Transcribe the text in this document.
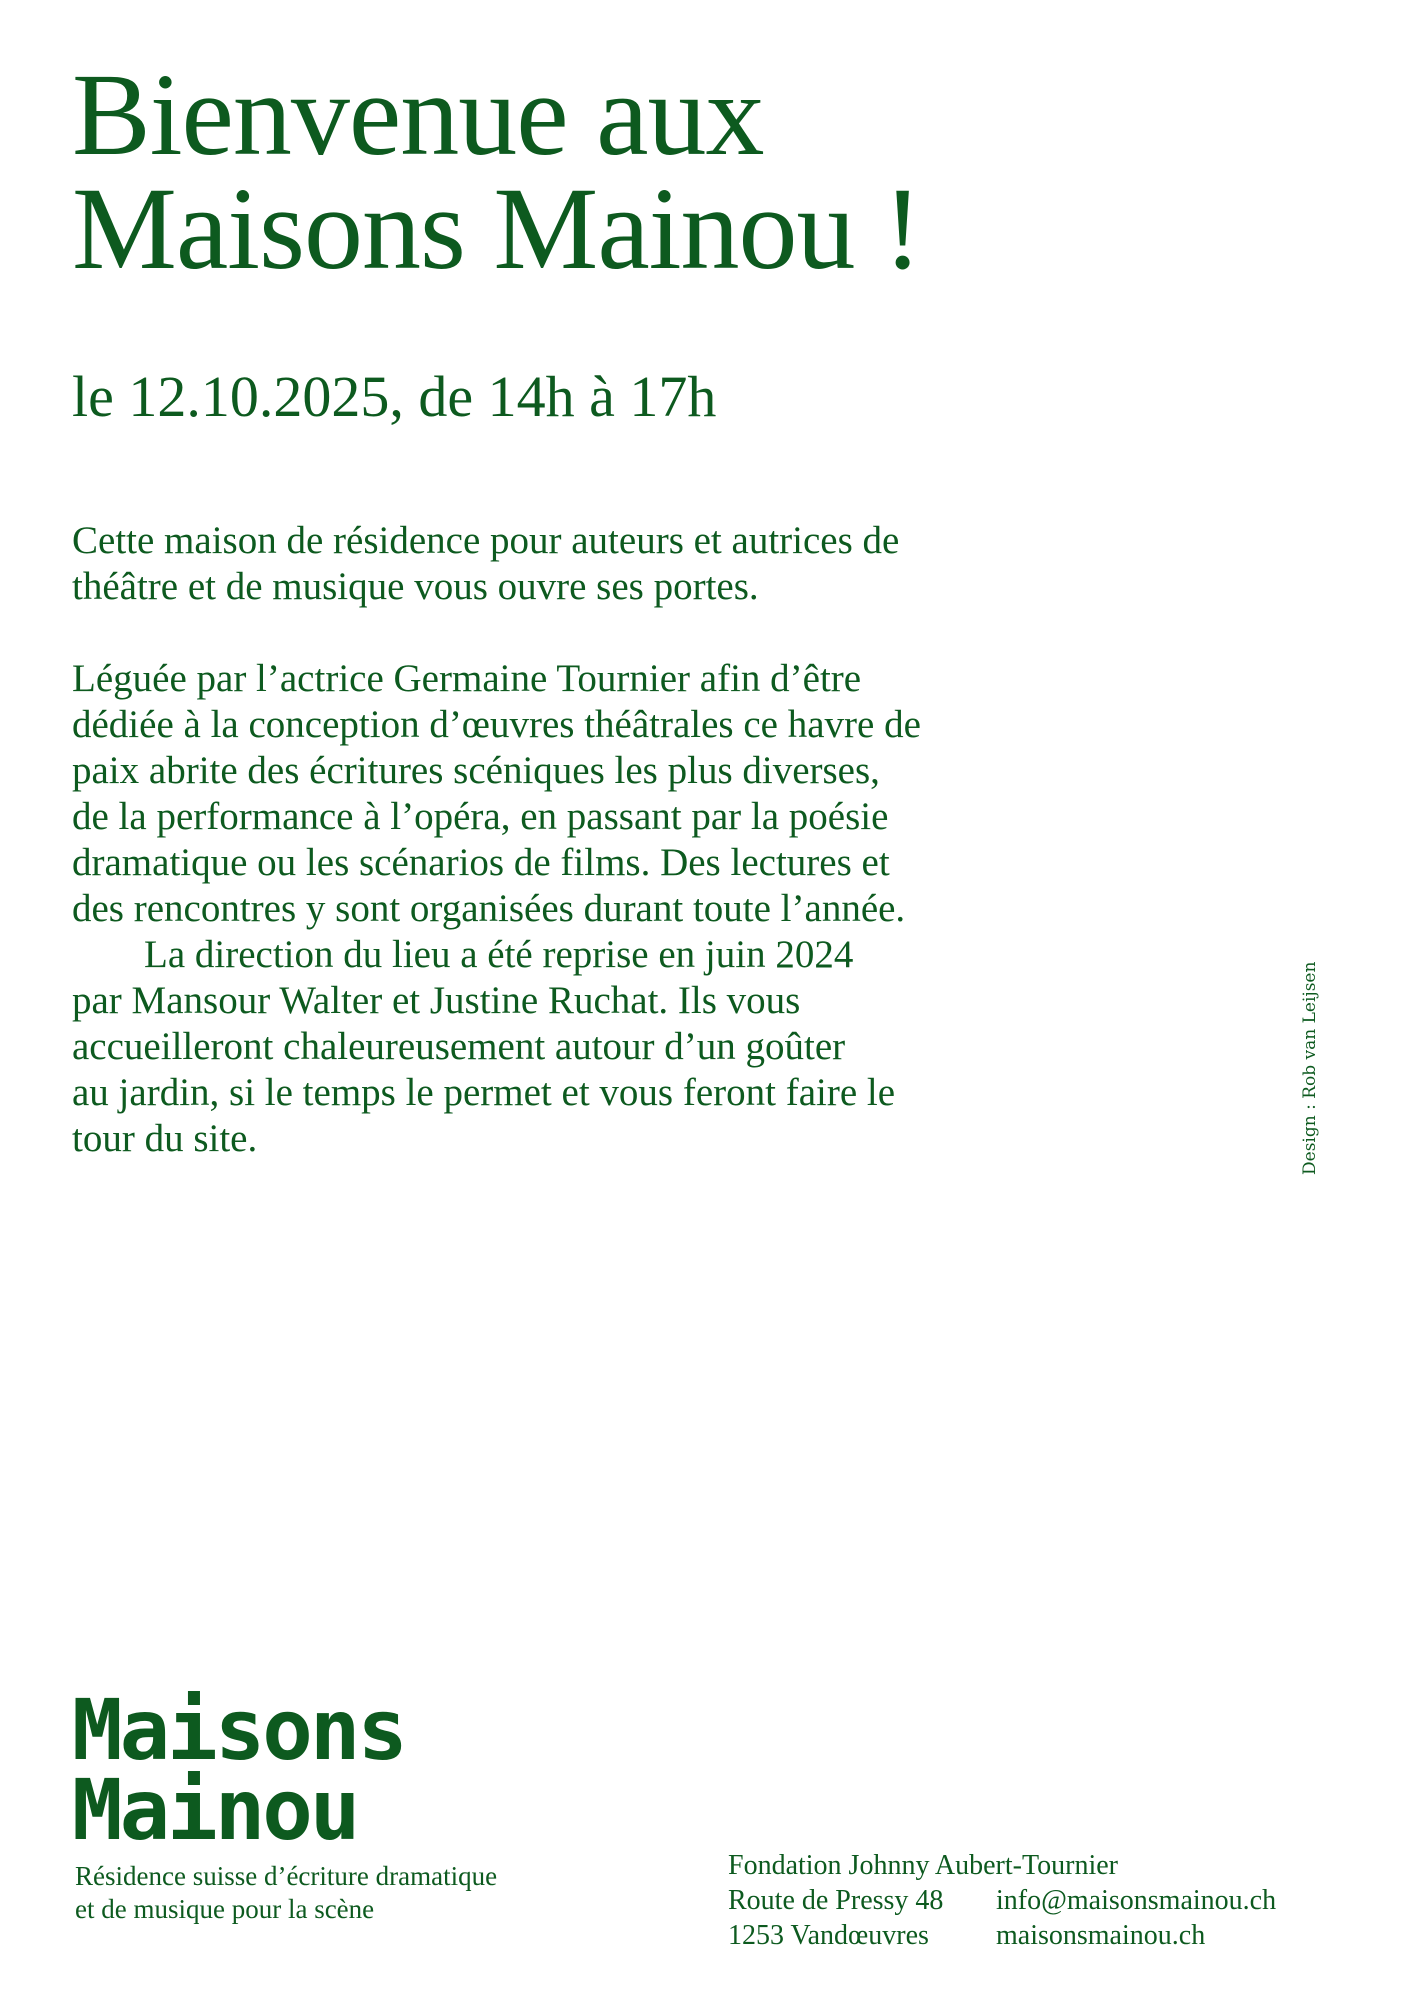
Bienvenue aux
Maisons Mainou !

le 12.10.2025, de 14h à 17h

Cette maison de résidence pour auteurs et autrices de
théâtre et de musique vous ouvre ses portes.

Léguée par l’actrice Germaine Tournier afin d’être
dédiée à la conception d’œuvres théâtrales ce havre de
paix abrite des écritures scéniques les plus diverses,
de la performance à l’opéra, en passant par la poésie
dramatique ou les scénarios de films. Des lectures et
des rencontres y sont organisées durant toute l’année.

La direction du lieu a été reprise en juin 2024
par Mansour Walter et Justine Ruchat. Ils vous
accueilleront chaleureusement autour d’un goûter
au jardin, si le temps le permet et vous feront faire le
tour du site.	Design : Rob van Leijsen
Maisons
Mainou
Résidence suisse d’écriture dramatique
et de musique pour la scène
Fondation Johnny Aubert-Tournier
Route de Pressy 48 info@maisonsmainou.ch
1253 Vandœuvres maisonsmainou.ch
